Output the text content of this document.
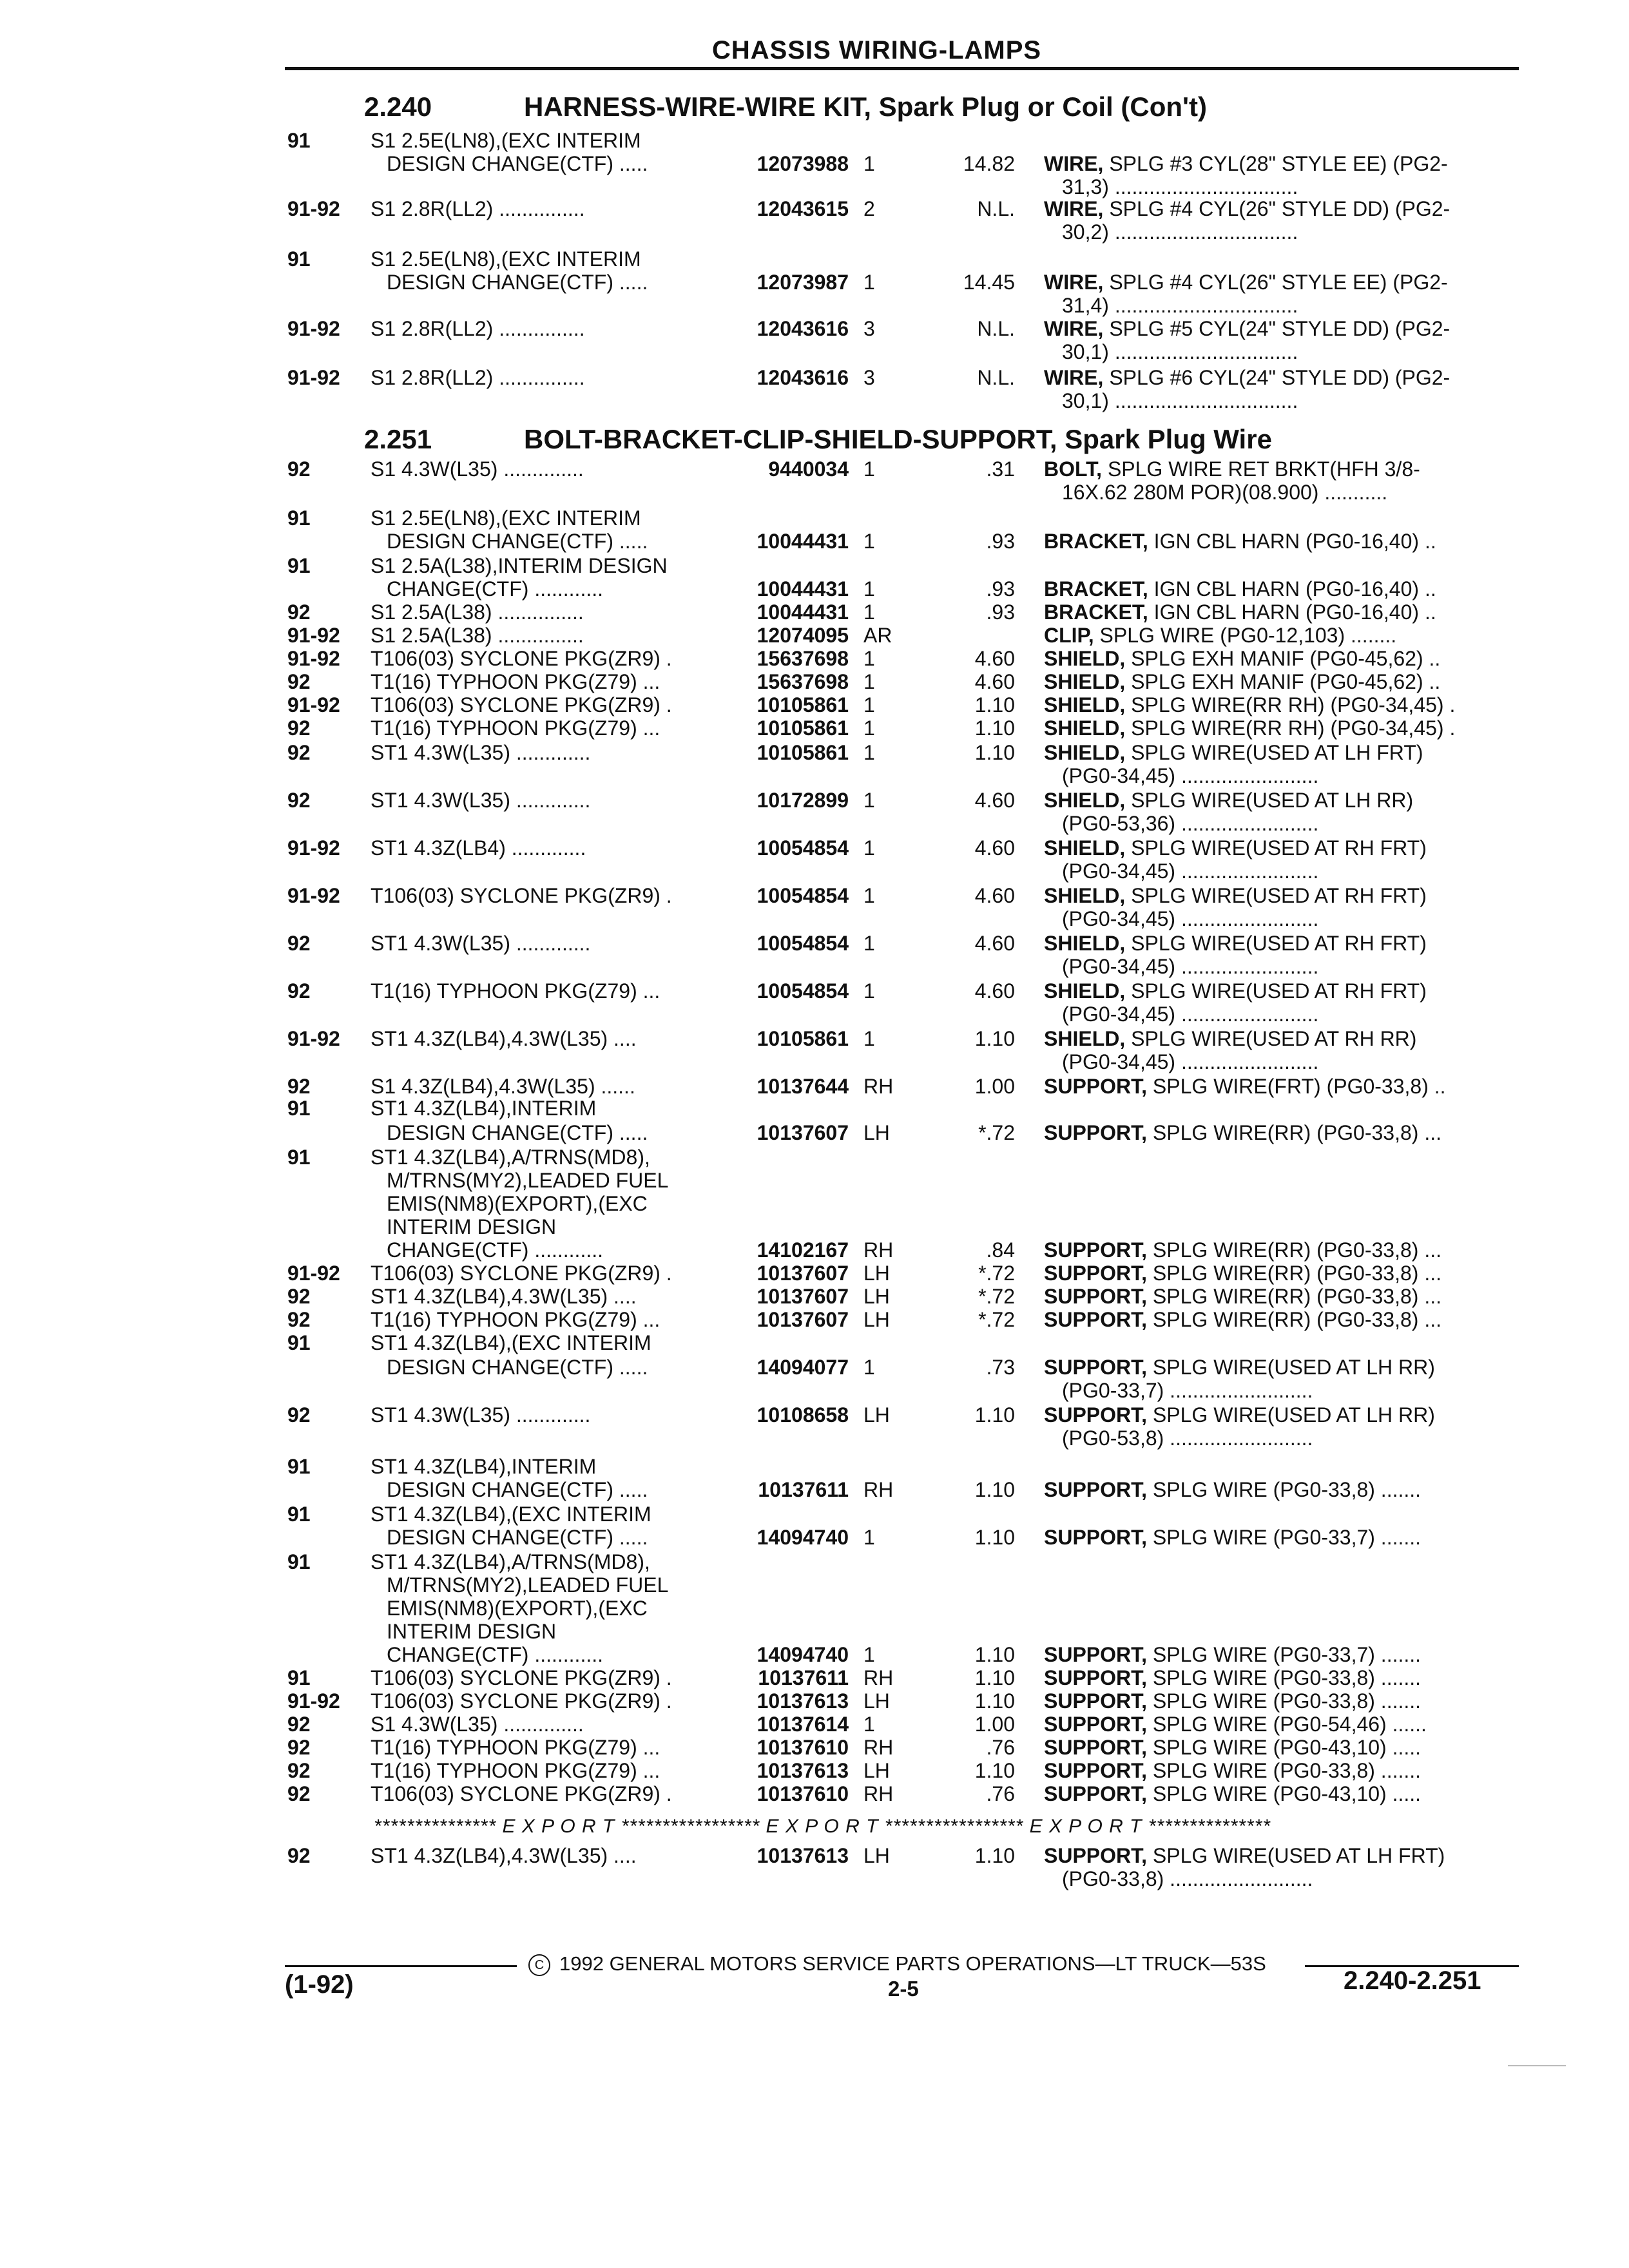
CHASSIS WIRING-LAMPS
2.240	HARNESS-WIRE-WIRE KIT, Spark Plug or Coil (Con't)
2.251	BOLT-BRACKET-CLIP-SHIELD-SUPPORT, Spark Plug Wire
91	S1 2.5E(LN8),(EXC INTERIM
DESIGN CHANGE(CTF) .....	12073988 1	14.82 WIRE, SPLG #3 CYL(28" STYLE EE) (PG2-
31,3) ................................
91-92 S1 2.8R(LL2) ...............	12043615 2	N.L. WIRE, SPLG #4 CYL(26" STYLE DD) (PG2-
30,2) ................................
91	S1 2.5E(LN8),(EXC INTERIM
DESIGN CHANGE(CTF) .....	12073987 1	14.45 WIRE, SPLG #4 CYL(26" STYLE EE) (PG2-
31,4) ................................
91-92 S1 2.8R(LL2) ...............	12043616 3	N.L. WIRE, SPLG #5 CYL(24" STYLE DD) (PG2-
30,1) ................................
91-92 S1 2.8R(LL2) ...............	12043616 3	N.L. WIRE, SPLG #6 CYL(24" STYLE DD) (PG2-
30,1) ................................
92	S1 4.3W(L35) ..............	9440034 1	.31 BOLT, SPLG WIRE RET BRKT(HFH 3/8-
16X.62 280M POR)(08.900) ...........
91	S1 2.5E(LN8),(EXC INTERIM
DESIGN CHANGE(CTF) .....	10044431 1	.93 BRACKET, IGN CBL HARN (PG0-16,40) ..
91	S1 2.5A(L38),INTERIM DESIGN
CHANGE(CTF) ............	10044431 1	.93 BRACKET, IGN CBL HARN (PG0-16,40) ..
92	S1 2.5A(L38) ...............	10044431 1	.93 BRACKET, IGN CBL HARN (PG0-16,40) ..
91-92 S1 2.5A(L38) ...............	12074095 AR	CLIP, SPLG WIRE (PG0-12,103) ........
91-92 T106(03) SYCLONE PKG(ZR9) .	15637698 1	4.60 SHIELD, SPLG EXH MANIF (PG0-45,62) ..
92	T1(16) TYPHOON PKG(Z79) ...	15637698 1	4.60 SHIELD, SPLG EXH MANIF (PG0-45,62) ..
91-92 T106(03) SYCLONE PKG(ZR9) .	10105861 1	1.10 SHIELD, SPLG WIRE(RR RH) (PG0-34,45) .
92	T1(16) TYPHOON PKG(Z79) ...	10105861 1	1.10 SHIELD, SPLG WIRE(RR RH) (PG0-34,45) .
92	ST1 4.3W(L35) .............	10105861 1	1.10 SHIELD, SPLG WIRE(USED AT LH FRT)
(PG0-34,45) ........................
92	ST1 4.3W(L35) .............	10172899 1	4.60 SHIELD, SPLG WIRE(USED AT LH RR)
(PG0-53,36) ........................
91-92 ST1 4.3Z(LB4) .............	10054854 1	4.60 SHIELD, SPLG WIRE(USED AT RH FRT)
(PG0-34,45) ........................
91-92 T106(03) SYCLONE PKG(ZR9) .	10054854 1	4.60 SHIELD, SPLG WIRE(USED AT RH FRT)
(PG0-34,45) ........................
92	ST1 4.3W(L35) .............	10054854 1	4.60 SHIELD, SPLG WIRE(USED AT RH FRT)
(PG0-34,45) ........................
92	T1(16) TYPHOON PKG(Z79) ...	10054854 1	4.60 SHIELD, SPLG WIRE(USED AT RH FRT)
(PG0-34,45) ........................
91-92 ST1 4.3Z(LB4),4.3W(L35) ....	10105861 1	1.10 SHIELD, SPLG WIRE(USED AT RH RR)
(PG0-34,45) ........................
92	S1 4.3Z(LB4),4.3W(L35) ......	10137644 RH	1.00 SUPPORT, SPLG WIRE(FRT) (PG0-33,8) ..
91	ST1 4.3Z(LB4),INTERIM
DESIGN CHANGE(CTF) .....	10137607 LH	*.72 SUPPORT, SPLG WIRE(RR) (PG0-33,8) ...
91	ST1 4.3Z(LB4),A/TRNS(MD8),
M/TRNS(MY2),LEADED FUEL
EMIS(NM8)(EXPORT),(EXC
INTERIM DESIGN
CHANGE(CTF) ............	14102167 RH	.84 SUPPORT, SPLG WIRE(RR) (PG0-33,8) ...
91-92 T106(03) SYCLONE PKG(ZR9) .	10137607 LH	*.72 SUPPORT, SPLG WIRE(RR) (PG0-33,8) ...
92	ST1 4.3Z(LB4),4.3W(L35) ....	10137607 LH	*.72 SUPPORT, SPLG WIRE(RR) (PG0-33,8) ...
92	T1(16) TYPHOON PKG(Z79) ...	10137607 LH	*.72 SUPPORT, SPLG WIRE(RR) (PG0-33,8) ...
91	ST1 4.3Z(LB4),(EXC INTERIM
DESIGN CHANGE(CTF) .....	14094077 1	.73 SUPPORT, SPLG WIRE(USED AT LH RR)
(PG0-33,7) .........................
92	ST1 4.3W(L35) .............	10108658 LH	1.10 SUPPORT, SPLG WIRE(USED AT LH RR)
(PG0-53,8) .........................
91	ST1 4.3Z(LB4),INTERIM
DESIGN CHANGE(CTF) .....	10137611 RH	1.10 SUPPORT, SPLG WIRE (PG0-33,8) .......
91	ST1 4.3Z(LB4),(EXC INTERIM
DESIGN CHANGE(CTF) .....	14094740 1	1.10 SUPPORT, SPLG WIRE (PG0-33,7) .......
91	ST1 4.3Z(LB4),A/TRNS(MD8),
M/TRNS(MY2),LEADED FUEL
EMIS(NM8)(EXPORT),(EXC
INTERIM DESIGN
CHANGE(CTF) ............	14094740 1	1.10 SUPPORT, SPLG WIRE (PG0-33,7) .......
91	T106(03) SYCLONE PKG(ZR9) .	10137611 RH	1.10 SUPPORT, SPLG WIRE (PG0-33,8) .......
91-92 T106(03) SYCLONE PKG(ZR9) .	10137613 LH	1.10 SUPPORT, SPLG WIRE (PG0-33,8) .......
92	S1 4.3W(L35) ..............	10137614 1	1.00 SUPPORT, SPLG WIRE (PG0-54,46) ......
92	T1(16) TYPHOON PKG(Z79) ...	10137610 RH	.76 SUPPORT, SPLG WIRE (PG0-43,10) .....
92	T1(16) TYPHOON PKG(Z79) ...	10137613 LH	1.10 SUPPORT, SPLG WIRE (PG0-33,8) .......
92	T106(03) SYCLONE PKG(ZR9) .	10137610 RH	.76 SUPPORT, SPLG WIRE (PG0-43,10) .....
92	ST1 4.3Z(LB4),4.3W(L35) ....	10137613 LH	1.10 SUPPORT, SPLG WIRE(USED AT LH FRT)
(PG0-33,8) .........................
*************** E X P O R T ***************** E X P O R T ***************** E X P O R T ***************
C 1992 GENERAL MOTORS SERVICE PARTS OPERATIONS—LT TRUCK—53S
(1-92)	2-5	2.240-2.251
